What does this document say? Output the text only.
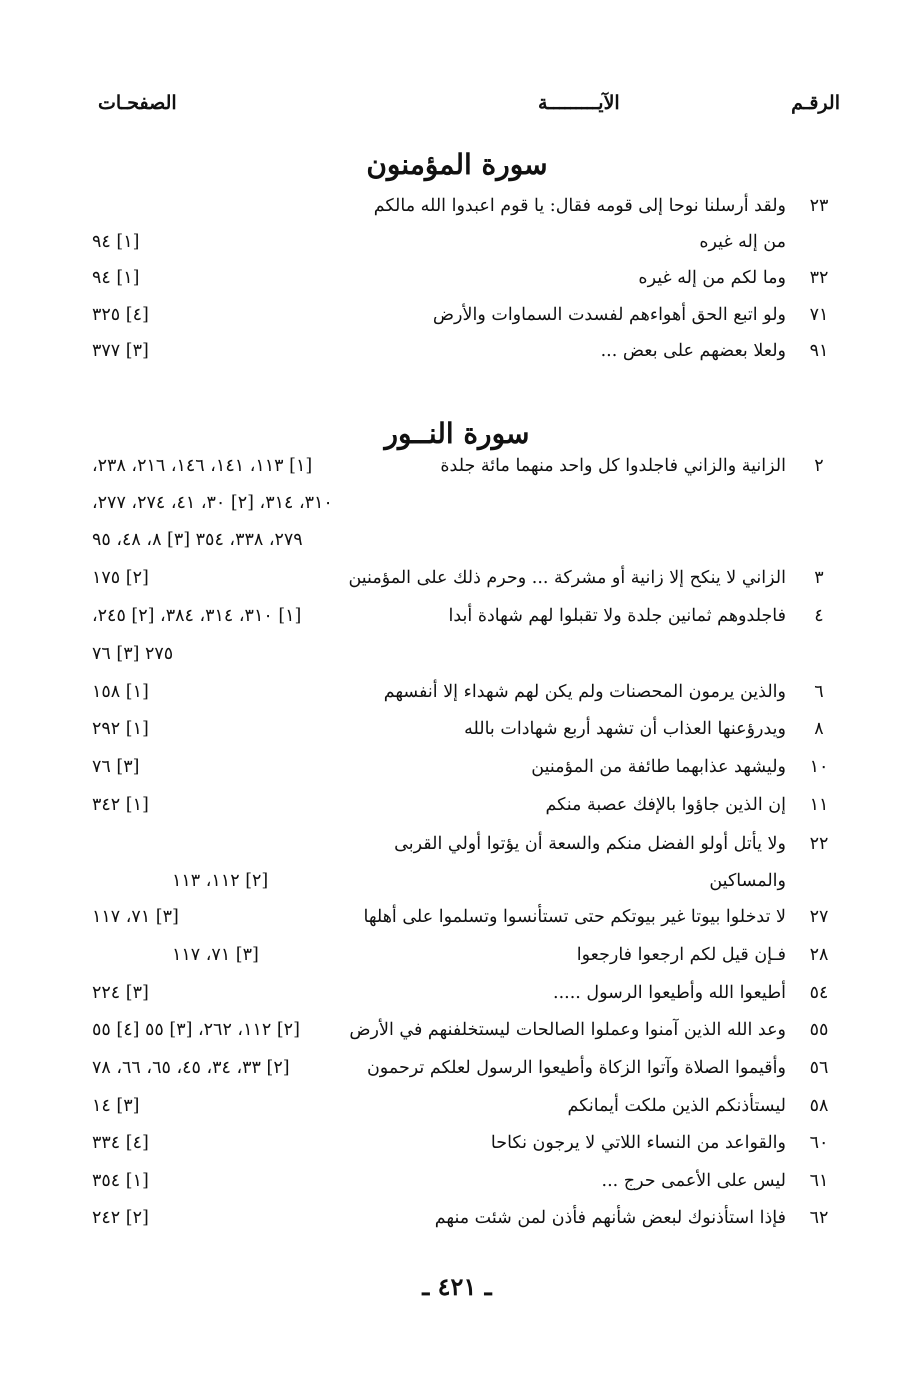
الرقـم
الآيـــــــــة
الصفحـات
سورة المؤمنون
سورة النــور
٢٣
ولقد أرسلنا نوحا إلى قومه فقال: يا قوم اعبدوا الله مالكم
من إله غيره
[١] ٩٤
٣٢
وما لكم من إله غيره
[١] ٩٤
٧١
ولو اتبع الحق أهواءهم لفسدت السماوات والأرض
[٤] ٣٢٥
٩١
ولعلا بعضهم على بعض ...
[٣] ٣٧٧
٢
الزانية والزاني فاجلدوا كل واحد منهما مائة جلدة
[١] ١١٣، ١٤١، ١٤٦، ٢١٦، ٢٣٨،
٣١٠، ٣١٤، [٢] ٣٠، ٤١، ٢٧٤، ٢٧٧،
٢٧٩، ٣٣٨، ٣٥٤ [٣] ٨، ٤٨، ٩٥
٣
الزاني لا ينكح إلا زانية أو مشركة ... وحرم ذلك على المؤمنين
[٢] ١٧٥
٤
فاجلدوهم ثمانين جلدة ولا تقبلوا لهم شهادة أبدا
[١] ٣١٠، ٣١٤، ٣٨٤، [٢] ٢٤٥،
٢٧٥ [٣] ٧٦
٦
والذين يرمون المحصنات ولم يكن لهم شهداء إلا أنفسهم
[١] ١٥٨
٨
ويدرؤعنها العذاب أن تشهد أربع شهادات بالله
[١] ٢٩٢
١٠
وليشهد عذابهما طائفة من المؤمنين
[٣] ٧٦
١١
إن الذين جاؤوا بالإفك عصبة منكم
[١] ٣٤٢
٢٢
ولا يأتل أولو الفضل منكم والسعة أن يؤتوا أولي القربى
والمساكين
[٢] ١١٢، ١١٣
٢٧
لا تدخلوا بيوتا غير بيوتكم حتى تستأنسوا وتسلموا على أهلها
[٣] ٧١، ١١٧
٢٨
فـإن قيل لكم ارجعوا فارجعوا
[٣] ٧١، ١١٧
٥٤
أطيعوا الله وأطيعوا الرسول .....
[٣] ٢٢٤
٥٥
وعد الله الذين آمنوا وعملوا الصالحات ليستخلفنهم في الأرض
[٢] ١١٢، ٢٦٢، [٣] ٥٥ [٤] ٥٥
٥٦
وأقيموا الصلاة وآتوا الزكاة وأطيعوا الرسول لعلكم ترحمون
[٢] ٣٣، ٣٤، ٤٥، ٦٥، ٦٦، ٧٨
٥٨
ليستأذنكم الذين ملكت أيمانكم
[٣] ١٤
٦٠
والقواعد من النساء اللاتي لا يرجون نكاحا
[٤] ٣٣٤
٦١
ليس على الأعمى حرج ...
[١] ٣٥٤
٦٢
فإذا استأذنوك لبعض شأنهم فأذن لمن شئت منهم
[٢] ٢٤٢
ـ ٤٢١ ـ
